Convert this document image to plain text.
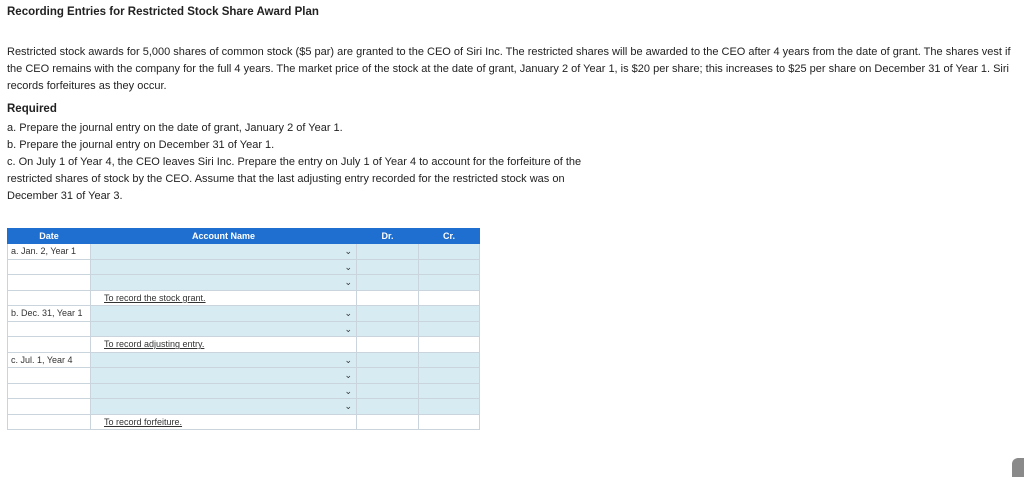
Recording Entries for Restricted Stock Share Award Plan
Restricted stock awards for 5,000 shares of common stock ($5 par) are granted to the CEO of Siri Inc. The restricted shares will be awarded to the CEO after 4 years from the date of grant. The shares vest if the CEO remains with the company for the full 4 years. The market price of the stock at the date of grant, January 2 of Year 1, is $20 per share; this increases to $25 per share on December 31 of Year 1. Siri records forfeitures as they occur.
Required
a. Prepare the journal entry on the date of grant, January 2 of Year 1.
b. Prepare the journal entry on December 31 of Year 1.
c. On July 1 of Year 4, the CEO leaves Siri Inc. Prepare the entry on July 1 of Year 4 to account for the forfeiture of the restricted shares of stock by the CEO. Assume that the last adjusting entry recorded for the restricted stock was on December 31 of Year 3.
Date	Account Name	Dr.	Cr.
a. Jan. 2, Year 1	⌄		

	⌄		

	⌄		

	To record the stock grant.		
b. Dec. 31, Year 1	⌄		

	⌄		

	To record adjusting entry.		
c. Jul. 1, Year 4	⌄		

	⌄		

	⌄		

	⌄		

	To record forfeiture.		
